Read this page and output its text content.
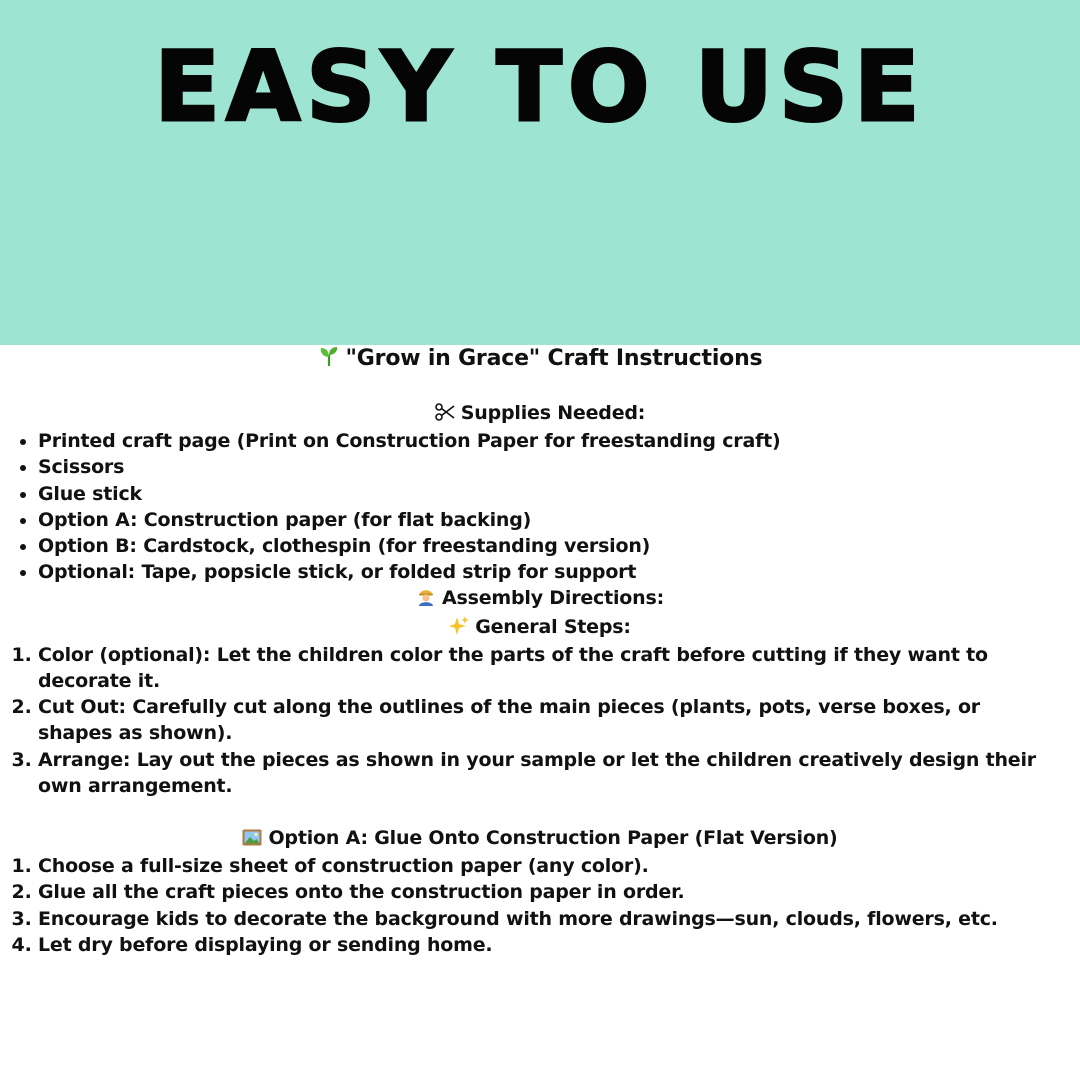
EASY TO USE
"Grow in Grace" Craft Instructions
Supplies Needed:
• Printed craft page (Print on Construction Paper for freestanding craft)
• Scissors
• Glue stick
• Option A: Construction paper (for flat backing)
• Option B: Cardstock, clothespin (for freestanding version)
• Optional: Tape, popsicle stick, or folded strip for support
Assembly Directions:
General Steps:
1. Color (optional): Let the children color the parts of the craft before cutting if they want to decorate it.
2. Cut Out: Carefully cut along the outlines of the main pieces (plants, pots, verse boxes, or shapes as shown).
3. Arrange: Lay out the pieces as shown in your sample or let the children creatively design their own arrangement.
Option A: Glue Onto Construction Paper (Flat Version)
1. Choose a full-size sheet of construction paper (any color).
2. Glue all the craft pieces onto the construction paper in order.
3. Encourage kids to decorate the background with more drawings—sun, clouds, flowers, etc.
4. Let dry before displaying or sending home.
